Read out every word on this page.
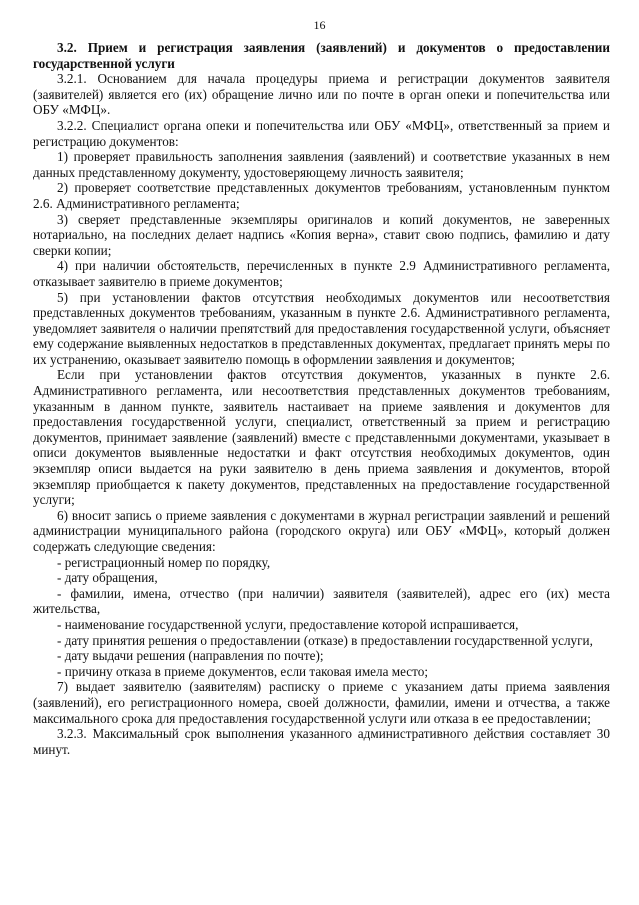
16

3.2. Прием и регистрация заявления (заявлений) и документов о предоставлении государственной услуги

3.2.1. Основанием для начала процедуры приема и регистрации документов заявителя (заявителей) является его (их) обращение лично или по почте в орган опеки и попечительства или ОБУ «МФЦ».

3.2.2. Специалист органа опеки и попечительства или ОБУ «МФЦ», ответственный за прием и регистрацию документов:

1) проверяет правильность заполнения заявления (заявлений) и соответствие указанных в нем данных представленному документу, удостоверяющему личность заявителя;

2) проверяет соответствие представленных документов требованиям, установленным пунктом 2.6. Административного регламента;

3) сверяет представленные экземпляры оригиналов и копий документов, не заверенных нотариально, на последних делает надпись «Копия верна», ставит свою подпись, фамилию и дату сверки копии;

4) при наличии обстоятельств, перечисленных в пункте 2.9 Административного регламента, отказывает заявителю в приеме документов;

5) при установлении фактов отсутствия необходимых документов или несоответствия представленных документов требованиям, указанным в пункте 2.6. Административного регламента, уведомляет заявителя о наличии препятствий для предоставления государственной услуги, объясняет ему содержание выявленных недостатков в представленных документах, предлагает принять меры по их устранению, оказывает заявителю помощь в оформлении заявления и документов;

Если при установлении фактов отсутствия документов, указанных в пункте 2.6. Административного регламента, или несоответствия представленных документов требованиям, указанным в данном пункте, заявитель настаивает на приеме заявления и документов для предоставления государственной услуги, специалист, ответственный за прием и регистрацию документов, принимает заявление (заявлений) вместе с представленными документами, указывает в описи документов выявленные недостатки и факт отсутствия необходимых документов, один экземпляр описи выдается на руки заявителю в день приема заявления и документов, второй экземпляр приобщается к пакету документов, представленных на предоставление государственной услуги;

6) вносит запись о приеме заявления с документами в журнал регистрации заявлений и решений администрации муниципального района (городского округа) или ОБУ «МФЦ», который должен содержать следующие сведения:

- регистрационный номер по порядку,

- дату обращения,

- фамилии, имена, отчество (при наличии) заявителя (заявителей), адрес его (их) места жительства,

- наименование государственной услуги, предоставление которой испрашивается,

- дату принятия решения о предоставлении (отказе) в предоставлении государственной услуги,

- дату выдачи решения (направления по почте);

- причину отказа в приеме документов, если таковая имела место;

7) выдает заявителю (заявителям) расписку о приеме с указанием даты приема заявления (заявлений), его регистрационного номера, своей должности, фамилии, имени и отчества, а также максимального срока для предоставления государственной услуги или отказа в ее предоставлении;

3.2.3. Максимальный срок выполнения указанного административного действия составляет 30 минут.
